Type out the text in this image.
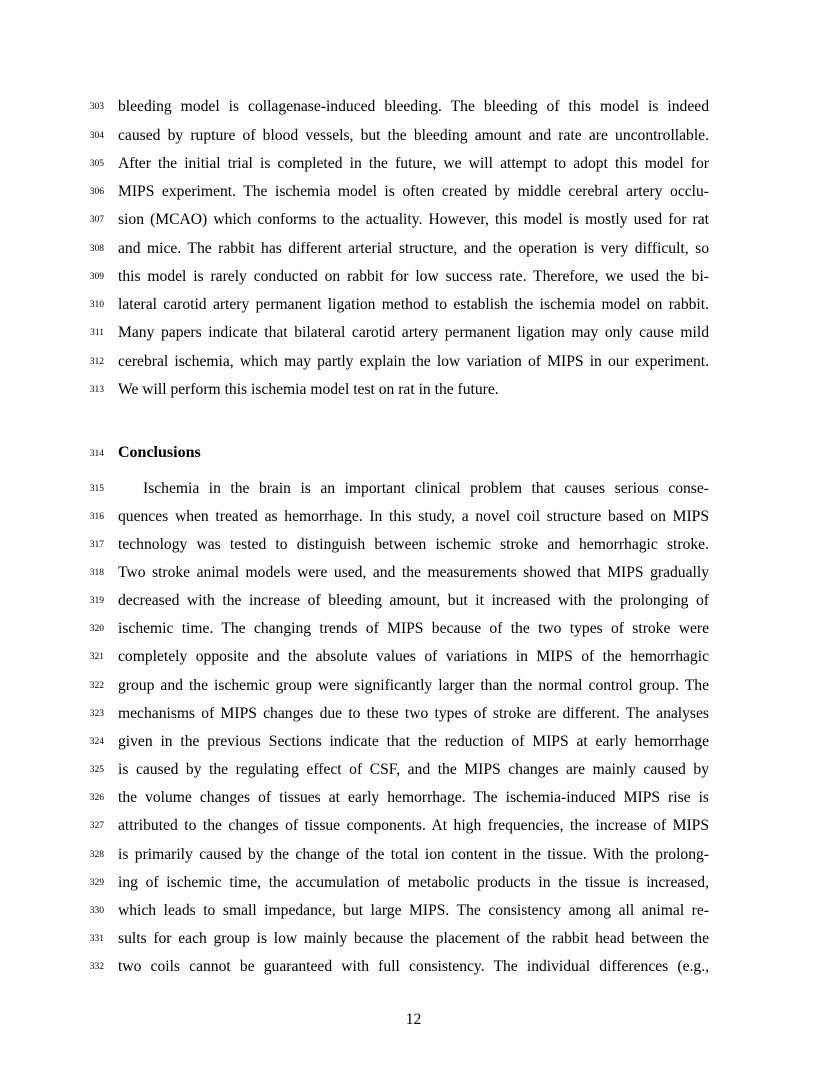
303 bleeding model is collagenase-induced bleeding. The bleeding of this model is indeed
304 caused by rupture of blood vessels, but the bleeding amount and rate are uncontrollable.
305 After the initial trial is completed in the future, we will attempt to adopt this model for
306 MIPS experiment. The ischemia model is often created by middle cerebral artery occlu-
307 sion (MCAO) which conforms to the actuality. However, this model is mostly used for rat
308 and mice. The rabbit has different arterial structure, and the operation is very difficult, so
309 this model is rarely conducted on rabbit for low success rate. Therefore, we used the bi-
310 lateral carotid artery permanent ligation method to establish the ischemia model on rabbit.
311 Many papers indicate that bilateral carotid artery permanent ligation may only cause mild
312 cerebral ischemia, which may partly explain the low variation of MIPS in our experiment.
313 We will perform this ischemia model test on rat in the future.
314 Conclusions
315	Ischemia in the brain is an important clinical problem that causes serious conse-
316 quences when treated as hemorrhage. In this study, a novel coil structure based on MIPS
317 technology was tested to distinguish between ischemic stroke and hemorrhagic stroke.
318 Two stroke animal models were used, and the measurements showed that MIPS gradually
319 decreased with the increase of bleeding amount, but it increased with the prolonging of
320 ischemic time. The changing trends of MIPS because of the two types of stroke were
321 completely opposite and the absolute values of variations in MIPS of the hemorrhagic
322 group and the ischemic group were significantly larger than the normal control group. The
323 mechanisms of MIPS changes due to these two types of stroke are different. The analyses
324 given in the previous Sections indicate that the reduction of MIPS at early hemorrhage
325 is caused by the regulating effect of CSF, and the MIPS changes are mainly caused by
326 the volume changes of tissues at early hemorrhage. The ischemia-induced MIPS rise is
327 attributed to the changes of tissue components. At high frequencies, the increase of MIPS
328 is primarily caused by the change of the total ion content in the tissue. With the prolong-
329 ing of ischemic time, the accumulation of metabolic products in the tissue is increased,
330 which leads to small impedance, but large MIPS. The consistency among all animal re-
331 sults for each group is low mainly because the placement of the rabbit head between the
332 two coils cannot be guaranteed with full consistency. The individual differences (e.g.,
12
